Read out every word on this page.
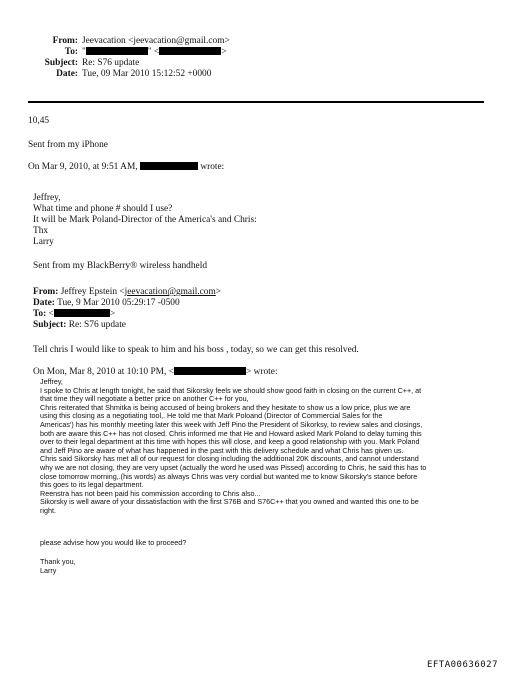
From: Jeevacation <jeevacation@gmail.com>
To: "	" <	>
Subject: Re: S76 update
Date: Tue, 09 Mar 2010 15:12:52 +0000
10,45
Sent from my iPhone
On Mar 9, 2010, at 9:51 AM,	wrote:
Jeffrey,
What time and phone # should I use?
It will be Mark Poland-Director of the America's and Chris:
Thx
Larry
Sent from my BlackBerry® wireless handheld
From: Jeffrey Epstein <jeevacation@gmail.com>
Date: Tue, 9 Mar 2010 05:29:17 -0500
To: <	>
Subject: Re: S76 update
Tell chris I would like to speak to him and his boss , today, so we can get this resolved.
On Mon, Mar 8, 2010 at 10:10 PM, <	> wrote:
Jeffrey,
I spoke to Chris at length tonight, he said that Sikorsky feels we should show good faith in closing on the current C++, at
that time they will negotiate a better price on another C++ for you,
Chris reiterated that Shmitka is being accused of being brokers and they hesitate to show us a low price, plus we are
using this closing as a negotiating tool,. He told me that Mark Poloand (Director of Commercial Sales for the
Americas') has his monthly meeting later this week with Jeff Pino the President of Sikorksy, to review sales and closings,
both are aware this C++ has not closed. Chris informed me that He and Howard asked Mark Poland to delay turning this
over to their legal department at this time with hopes this will close, and keep a good relationship with you. Mark Poland
and Jeff Pino are aware of what has happened in the past with this delivery schedule and what Chris has given us.
Chris said Sikorsky has met all of our request for closing including the additional 20K discounts, and cannot understand
why we are not closing, they are very upset (actually the word he used was Pissed) according to Chris, he said this has to
close tomorrow morning,.(his words) as always Chris was very cordial but wanted me to know Sikorsky's stance before
this goes to its legal department.
Reenstra has not been paid his commission according to Chris also...
Sikorsky is well aware of your dissatisfaction with the first S76B and S76C++ that you owned and wanted this one to be
right.
please advise how you would like to proceed?
Thank you,
Larry
EFTA00636027
